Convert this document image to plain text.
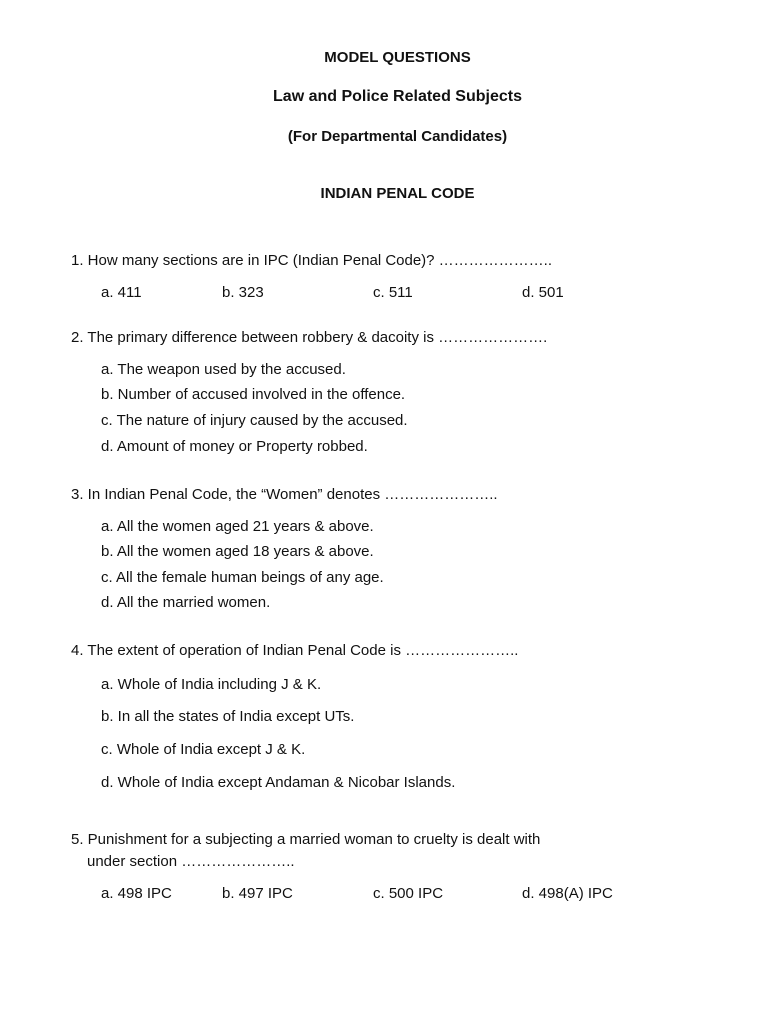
MODEL QUESTIONS
Law and Police Related Subjects
(For Departmental Candidates)
INDIAN PENAL CODE
1. How many sections are in IPC (Indian Penal Code)? …………………..
a. 411	b. 323	c. 511	d. 501
2. The primary difference between robbery & dacoity is ………………….
a. The weapon used by the accused.
b. Number of accused involved in the offence.
c. The nature of injury caused by the accused.
d. Amount of money or Property robbed.
3. In Indian Penal Code, the “Women” denotes …………………..
a. All the women aged 21 years & above.
b. All the women aged 18 years & above.
c. All the female human beings of any age.
d. All the married women.
4. The extent of operation of Indian Penal Code is …………………..
a. Whole of India including J & K.
b. In all the states of India except UTs.
c. Whole of India except J & K.
d. Whole of India except Andaman & Nicobar Islands.
5. Punishment for a subjecting a married woman to cruelty is dealt with
under section …………………..
a. 498 IPC	b. 497 IPC	c. 500 IPC	d. 498(A) IPC
